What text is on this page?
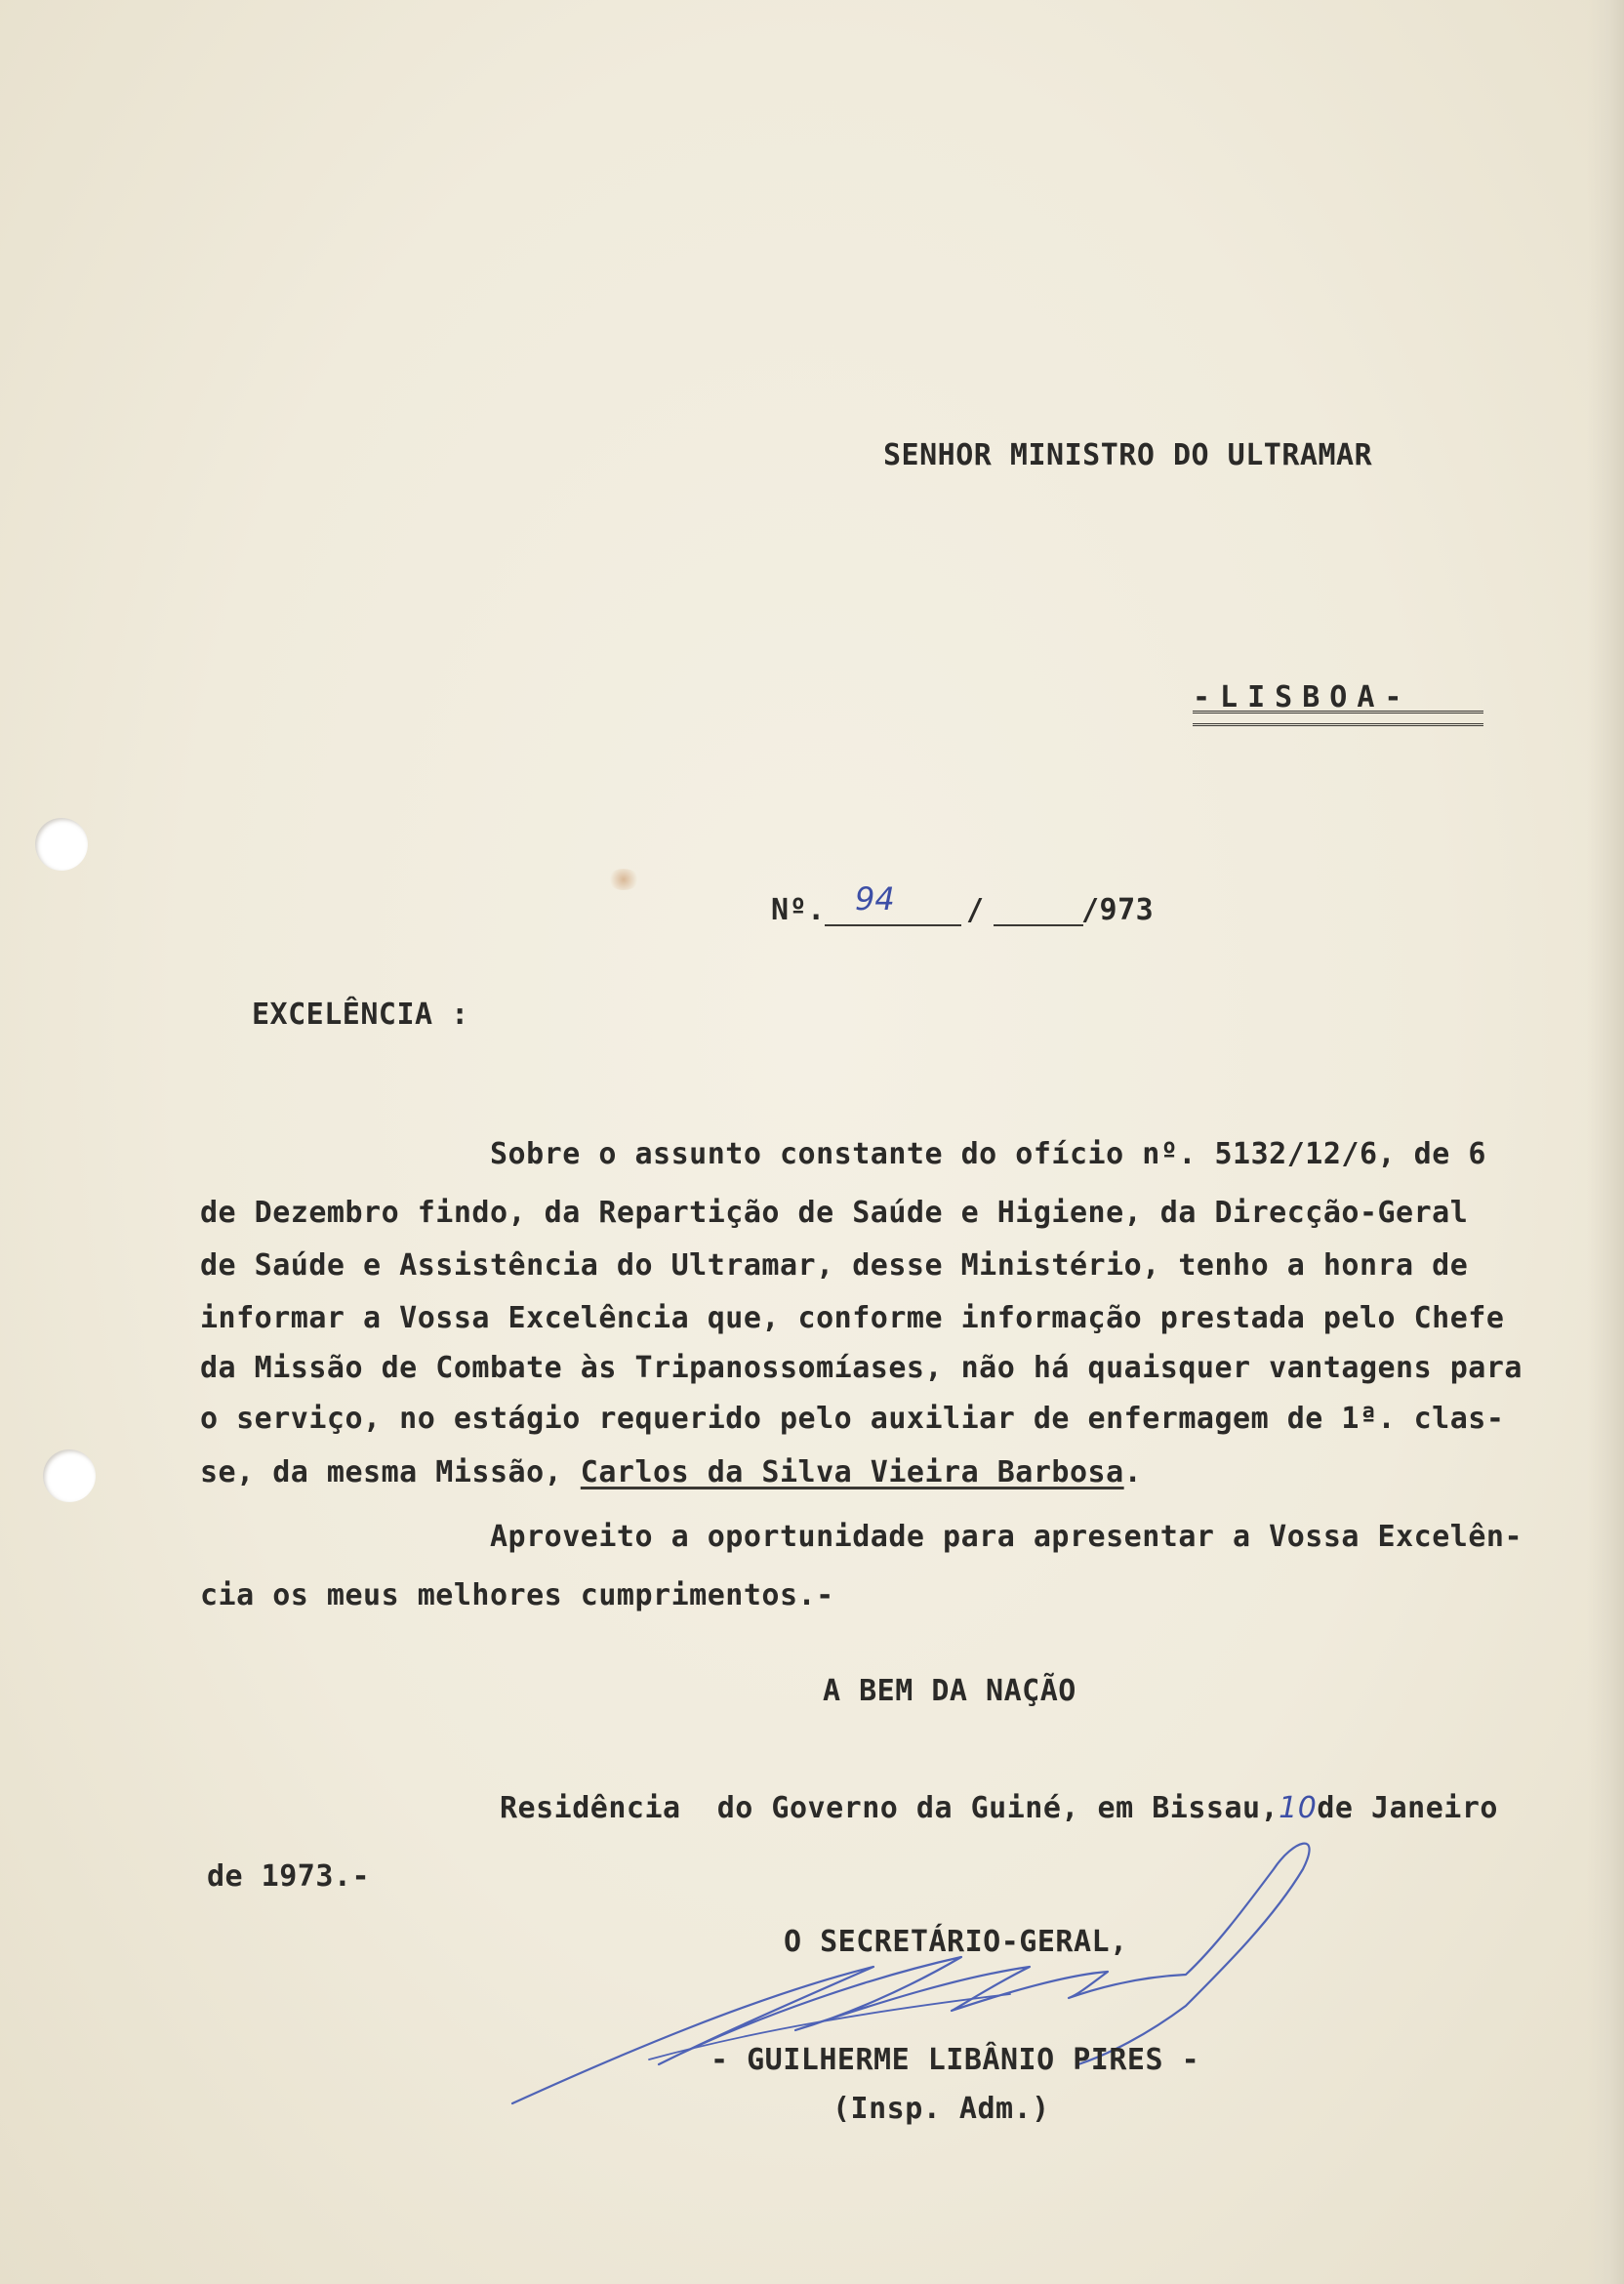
SENHOR MINISTRO DO ULTRAMAR
-LISBOA-
Nº. 94 /	/973
EXCELÊNCIA :
Sobre o assunto constante do ofício nº. 5132/12/6, de 6
de Dezembro findo, da Repartição de Saúde e Higiene, da Direcção-Geral
de Saúde e Assistência do Ultramar, desse Ministério, tenho a honra de
informar a Vossa Excelência que, conforme informação prestada pelo Chefe
da Missão de Combate às Tripanossomíases, não há quaisquer vantagens para
o serviço, no estágio requerido pelo auxiliar de enfermagem de 1ª. clas-
se, da mesma Missão, Carlos da Silva Vieira Barbosa.
Aproveito a oportunidade para apresentar a Vossa Excelên-
cia os meus melhores cumprimentos.-
A BEM DA NAÇÃO
Residência  do Governo da Guiné, em Bissau,10de Janeiro
de 1973.-
O SECRETÁRIO-GERAL,
- GUILHERME LIBÂNIO PIRES -
(Insp. Adm.)
